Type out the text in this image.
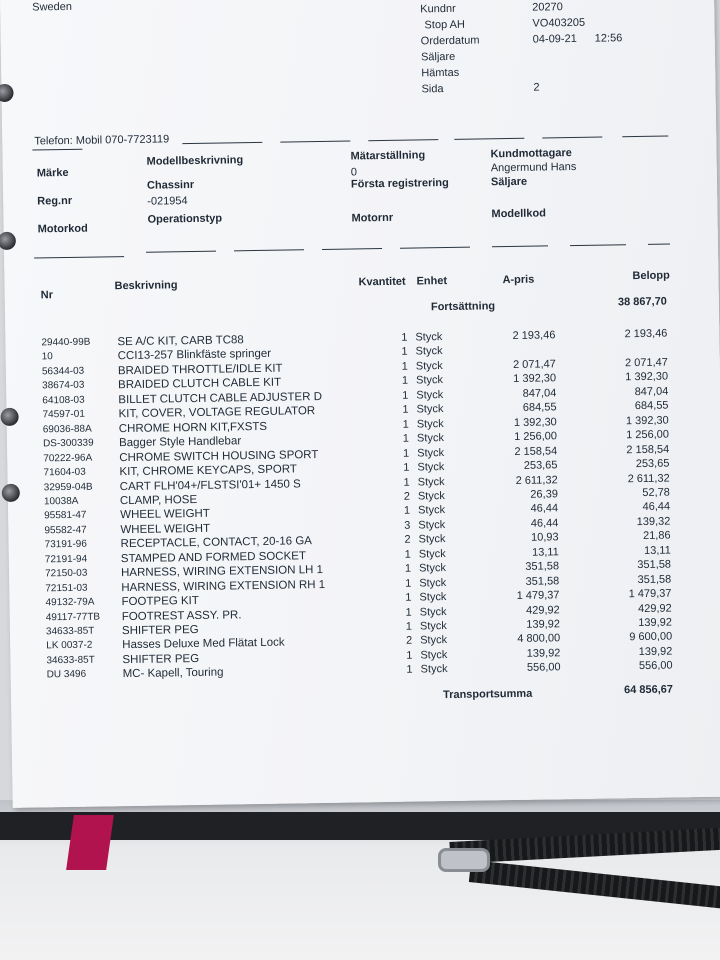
Sweden	Kundnr	20270
Stop AH	VO403205
Orderdatum	04-09-21 12:56
Säljare
Hämtas
Sida	2
Telefon: Mobil 070-7723119
Märke
Modellbeskrivning	Mätarställning
0
Kundmottagare
Angermund Hans
Reg.nr
Chassinr
-021954
Första registrering	Säljare
Motorkod
Operationstyp	Motornr	Modellkod
Nr
Beskrivning	Kvantitet Enhet	A-pris	Belopp
Fortsättning	38 867,70
29440-99B SE A/C KIT, CARB TC88	1 Styck	2 193,46	2 193,46
10	CCI13-257 Blinkfäste springer	1 Styck
56344-03	BRAIDED THROTTLE/IDLE KIT	1 Styck	2 071,47	2 071,47
38674-03	BRAIDED CLUTCH CABLE KIT	1 Styck	1 392,30	1 392,30
64108-03	BILLET CLUTCH CABLE ADJUSTER D	1 Styck	847,04	847,04
74597-01	KIT, COVER, VOLTAGE REGULATOR	1 Styck	684,55	684,55
69036-88A CHROME HORN KIT,FXSTS	1 Styck	1 392,30	1 392,30
DS-300339 Bagger Style Handlebar	1 Styck	1 256,00	1 256,00
70222-96A CHROME SWITCH HOUSING SPORT	1 Styck	2 158,54	2 158,54
71604-03	KIT, CHROME KEYCAPS, SPORT	1 Styck	253,65	253,65
32959-04B CART FLH'04+/FLSTSI'01+ 1450 S	1 Styck	2 611,32	2 611,32
10038A	CLAMP, HOSE	2 Styck	26,39	52,78
95581-47	WHEEL WEIGHT	1 Styck	46,44	46,44
95582-47	WHEEL WEIGHT	3 Styck	46,44	139,32
73191-96	RECEPTACLE, CONTACT, 20-16 GA	2 Styck	10,93	21,86
72191-94	STAMPED AND FORMED SOCKET	1 Styck	13,11	13,11
72150-03	HARNESS, WIRING EXTENSION LH 1	1 Styck	351,58	351,58
72151-03	HARNESS, WIRING EXTENSION RH 1	1 Styck	351,58	351,58
49132-79A FOOTPEG KIT	1 Styck	1 479,37	1 479,37
49117-77TB FOOTREST ASSY. PR.	1 Styck	429,92	429,92
34633-85T SHIFTER PEG	1 Styck	139,92	139,92
LK 0037-2	Hasses Deluxe Med Flätat Lock	2 Styck	4 800,00	9 600,00
34633-85T SHIFTER PEG	1 Styck	139,92	139,92
DU 3496	MC- Kapell, Touring	1 Styck	556,00	556,00
Transportsumma	64 856,67
